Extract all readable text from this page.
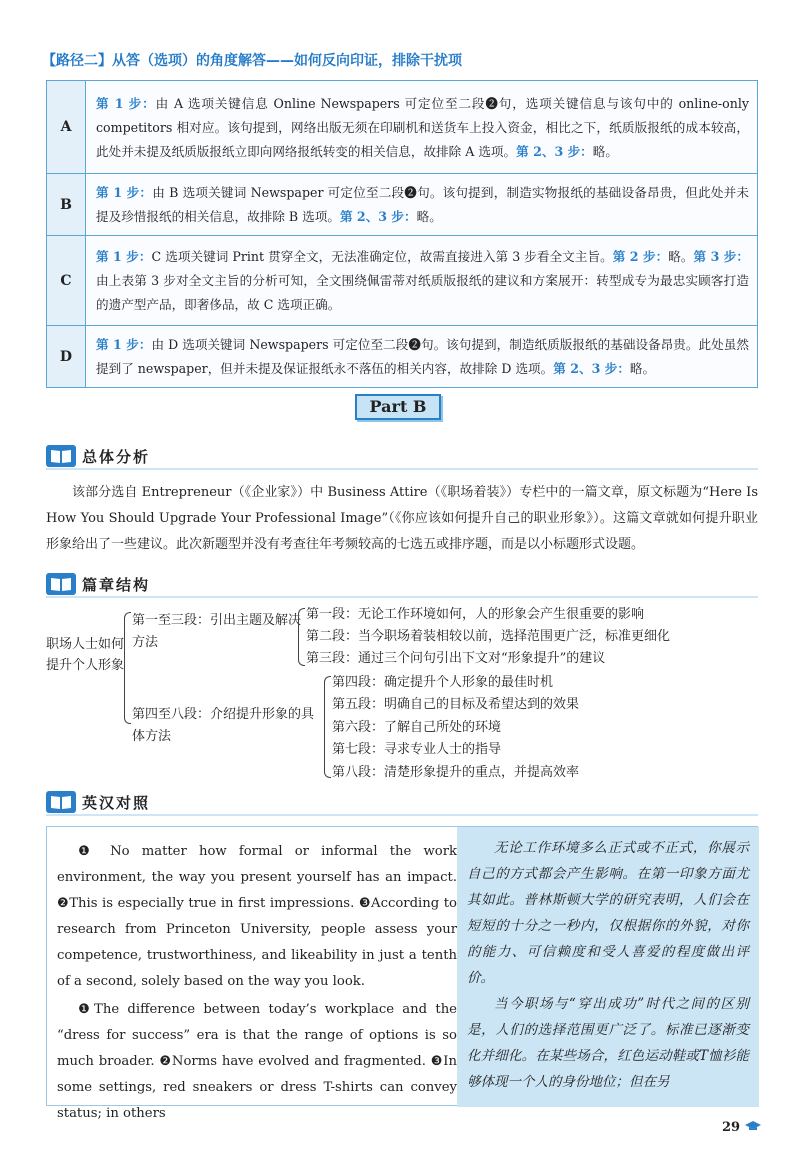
【路径二】从答（选项）的角度解答——如何反向印证，排除干扰项
A	第 1 步：由 A 选项关键信息 Online Newspapers 可定位至二段❷句，选项关键信息与该句中的 online-only competitors 相对应。该句提到，网络出版无须在印刷机和送货车上投入资金，相比之下，纸质版报纸的成本较高，此处并未提及纸质版报纸立即向网络报纸转变的相关信息，故排除 A 选项。第 2、3 步：略。
B	第 1 步：由 B 选项关键词 Newspaper 可定位至二段❷句。该句提到，制造实物报纸的基础设备昂贵，但此处并未提及珍惜报纸的相关信息，故排除 B 选项。第 2、3 步：略。
C	第 1 步：C 选项关键词 Print 贯穿全文，无法准确定位，故需直接进入第 3 步看全文主旨。第 2 步：略。第 3 步：由上表第 3 步对全文主旨的分析可知，全文围绕佩雷蒂对纸质版报纸的建议和方案展开：转型成专为最忠实顾客打造的遗产型产品，即奢侈品，故 C 选项正确。
D	第 1 步：由 D 选项关键词 Newspapers 可定位至二段❷句。该句提到，制造纸质版报纸的基础设备昂贵。此处虽然提到了 newspaper，但并未提及保证报纸永不落伍的相关内容，故排除 D 选项。第 2、3 步：略。
Part B
总体分析
该部分选自 Entrepreneur（《企业家》）中 Business Attire（《职场着装》）专栏中的一篇文章，原文标题为“Here Is How You Should Upgrade Your Professional Image”（《你应该如何提升自己的职业形象》）。这篇文章就如何提升职业形象给出了一些建议。此次新题型并没有考查往年考频较高的七选五或排序题，而是以小标题形式设题。
篇章结构
职场人士如何提升个人形象
第一至三段：引出主题及解决方法
第一段：无论工作环境如何，人的形象会产生很重要的影响
第二段：当今职场着装相较以前，选择范围更广泛，标准更细化
第三段：通过三个问句引出下文对“形象提升”的建议
第四至八段：介绍提升形象的具体方法
第四段：确定提升个人形象的最佳时机
第五段：明确自己的目标及希望达到的效果
第六段：了解自己所处的环境
第七段：寻求专业人士的指导
第八段：清楚形象提升的重点，并提高效率
英汉对照

❶ No matter how formal or informal the work environment, the way you present yourself has an impact. ❷This is especially true in first impressions. ❸According to research from Princeton University, people assess your competence, trustworthiness, and likeability in just a tenth of a second, solely based on the way you look.

❶The difference between today’s workplace and the “dress for success” era is that the range of options is so much broader. ❷Norms have evolved and fragmented. ❸In some settings, red sneakers or dress T-shirts can convey status; in others

无论工作环境多么正式或不正式，你展示自己的方式都会产生影响。在第一印象方面尤其如此。普林斯顿大学的研究表明，人们会在短短的十分之一秒内，仅根据你的外貌，对你的能力、可信赖度和受人喜爱的程度做出评价。

当今职场与“穿出成功”时代之间的区别是，人们的选择范围更广泛了。标准已逐渐变化并细化。在某些场合，红色运动鞋或T恤衫能够体现一个人的身份地位；但在另

29
